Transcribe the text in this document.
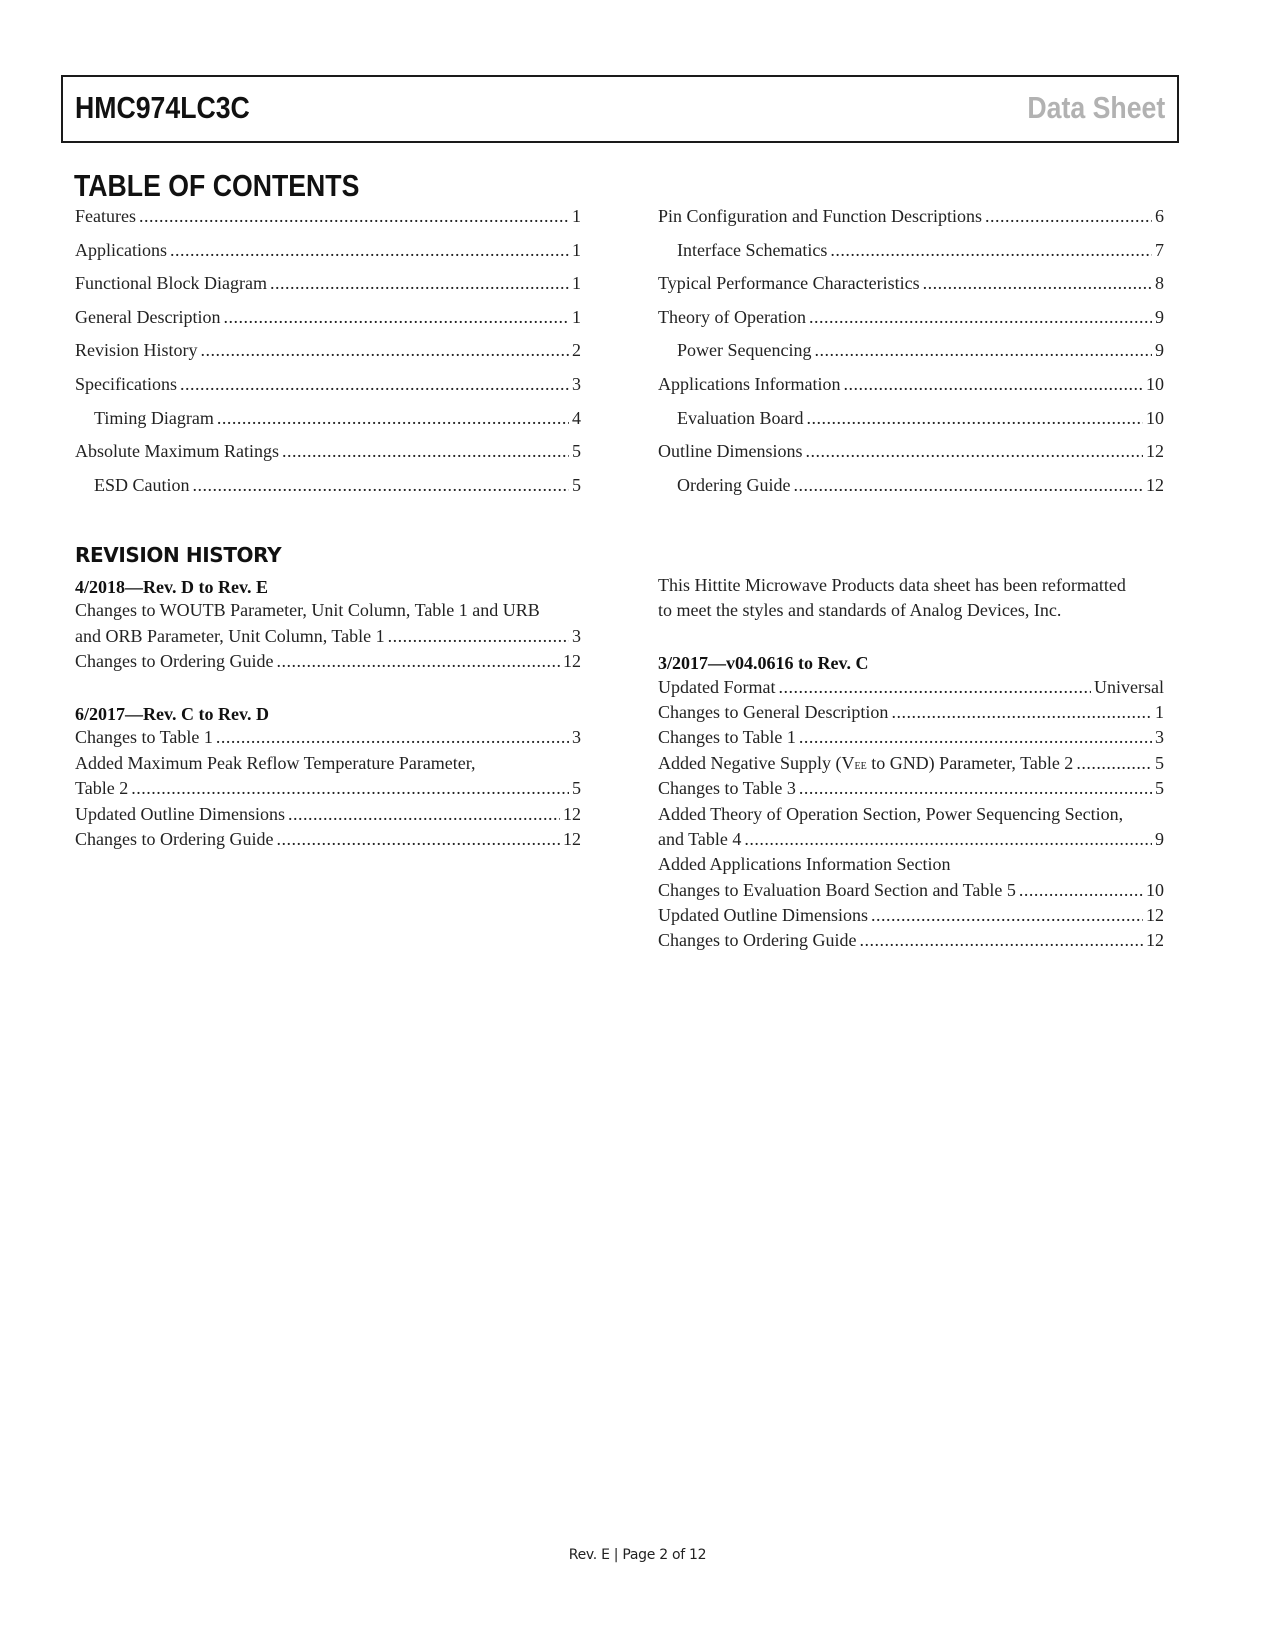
HMC974LC3C	Data Sheet
TABLE OF CONTENTS
Features .....	1
Applications .....	1
Functional Block Diagram .....	1
General Description .....	1
Revision History .....	2
Specifications .....	3
Timing Diagram .....	4
Absolute Maximum Ratings .....	5
ESD Caution .....	5
Pin Configuration and Function Descriptions .....	6
Interface Schematics .....	7
Typical Performance Characteristics .....	8
Theory of Operation .....	9
Power Sequencing .....	9
Applications Information .....	10
Evaluation Board .....	10
Outline Dimensions .....	12
Ordering Guide .....	12
REVISION HISTORY
4/2018—Rev. D to Rev. E
Changes to WOUTB Parameter, Unit Column, Table 1 and URB
and ORB Parameter, Unit Column, Table 1 .....	3
Changes to Ordering Guide .....	12
6/2017—Rev. C to Rev. D
Changes to Table 1 .....	3
Added Maximum Peak Reflow Temperature Parameter,
Table 2 .....	5
Updated Outline Dimensions .....	12
Changes to Ordering Guide .....	12
This Hittite Microwave Products data sheet has been reformatted
to meet the styles and standards of Analog Devices, Inc.
3/2017—v04.0616 to Rev. C
Updated Format .....	Universal
Changes to General Description .....	1
Changes to Table 1 .....	3
Added Negative Supply (VEE to GND) Parameter, Table 2 .....	5
Changes to Table 3 .....	5
Added Theory of Operation Section, Power Sequencing Section,
and Table 4 .....	9
Added Applications Information Section
Changes to Evaluation Board Section and Table 5 .....	10
Updated Outline Dimensions .....	12
Changes to Ordering Guide .....	12
Rev. E | Page 2 of 12
